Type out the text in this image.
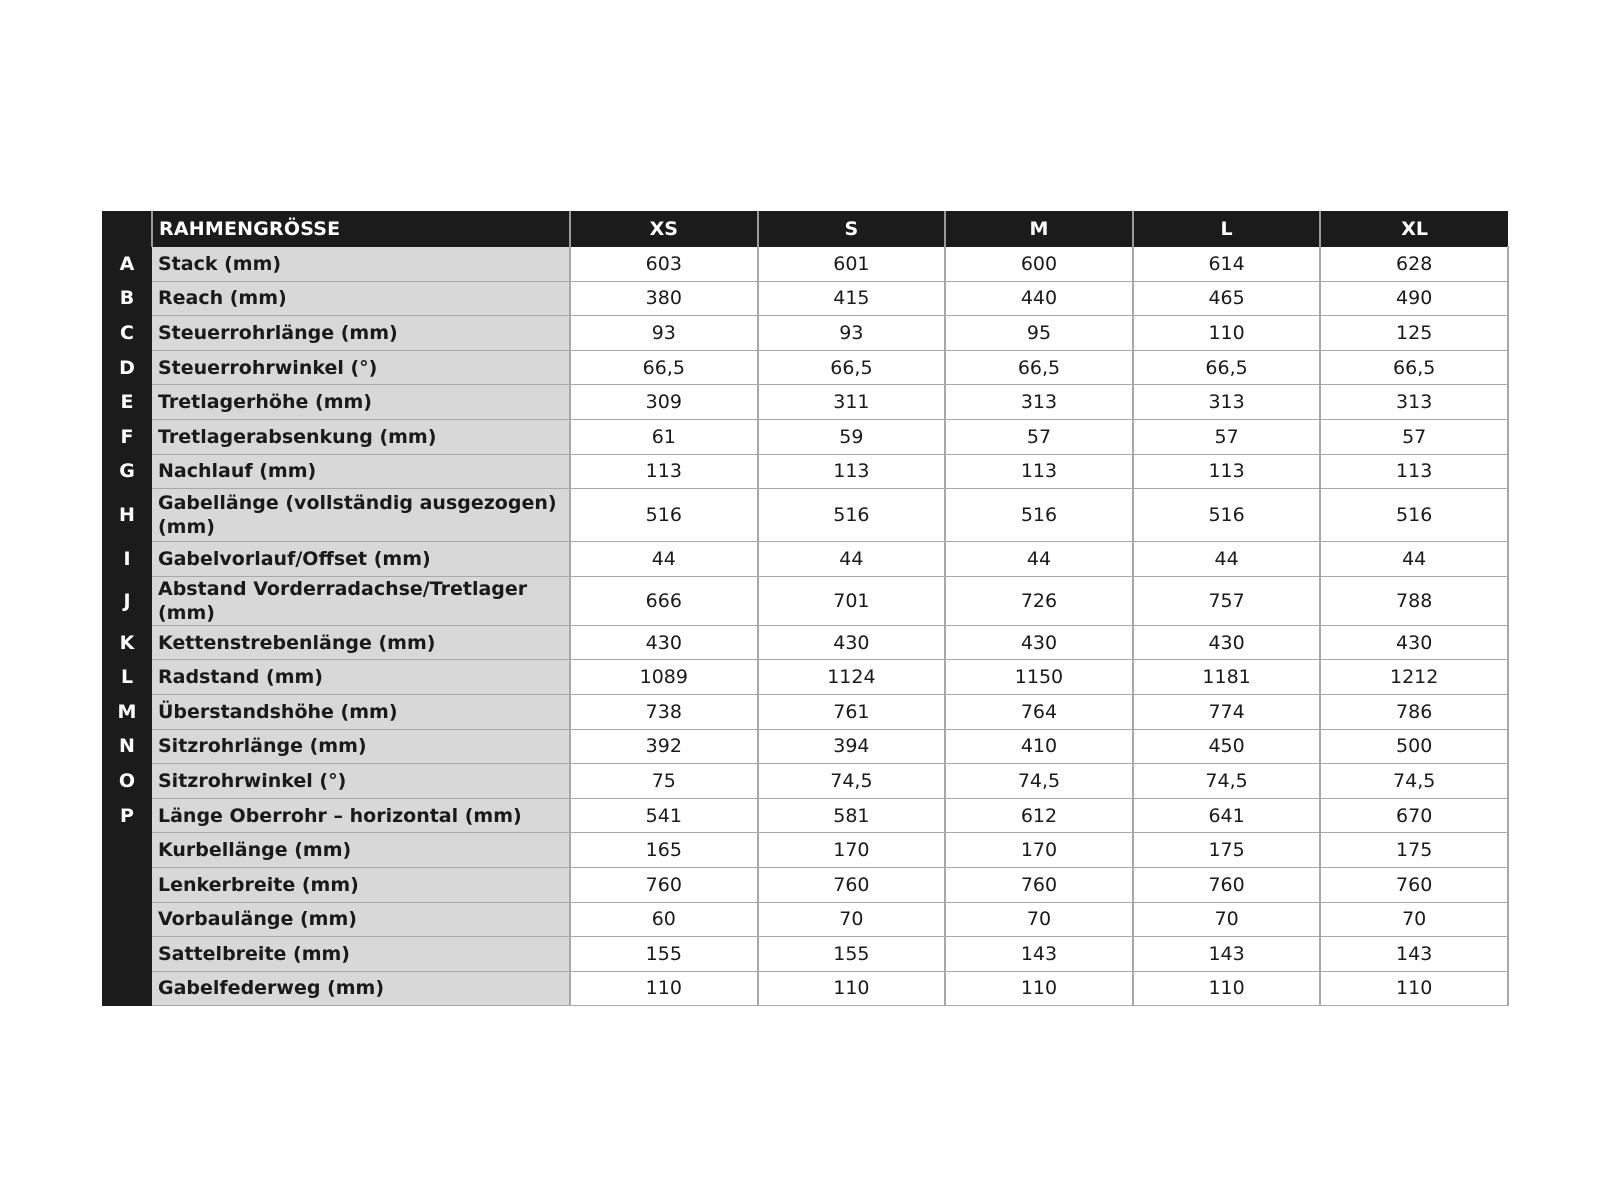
	RAHMENGRÖSSE	XS	S	M	L	XL
A	Stack (mm)	603	601	600	614	628
B	Reach (mm)	380	415	440	465	490
C	Steuerrohrlänge (mm)	93	93	95	110	125
D	Steuerrohrwinkel (°)	66,5	66,5	66,5	66,5	66,5
E	Tretlagerhöhe (mm)	309	311	313	313	313
F	Tretlagerabsenkung (mm)	61	59	57	57	57
G	Nachlauf (mm)	113	113	113	113	113
H	Gabellänge (vollständig ausgezogen) (mm)	516	516	516	516	516
I	Gabelvorlauf/Offset (mm)	44	44	44	44	44
J	Abstand Vorderradachse/Tretlager (mm)	666	701	726	757	788
K	Kettenstrebenlänge (mm)	430	430	430	430	430
L	Radstand (mm)	1089	1124	1150	1181	1212
M	Überstandshöhe (mm)	738	761	764	774	786
N	Sitzrohrlänge (mm)	392	394	410	450	500
O	Sitzrohrwinkel (°)	75	74,5	74,5	74,5	74,5
P	Länge Oberrohr – horizontal (mm)	541	581	612	641	670
	Kurbellänge (mm)	165	170	170	175	175
	Lenkerbreite (mm)	760	760	760	760	760
	Vorbaulänge (mm)	60	70	70	70	70
	Sattelbreite (mm)	155	155	143	143	143
	Gabelfederweg (mm)	110	110	110	110	110
